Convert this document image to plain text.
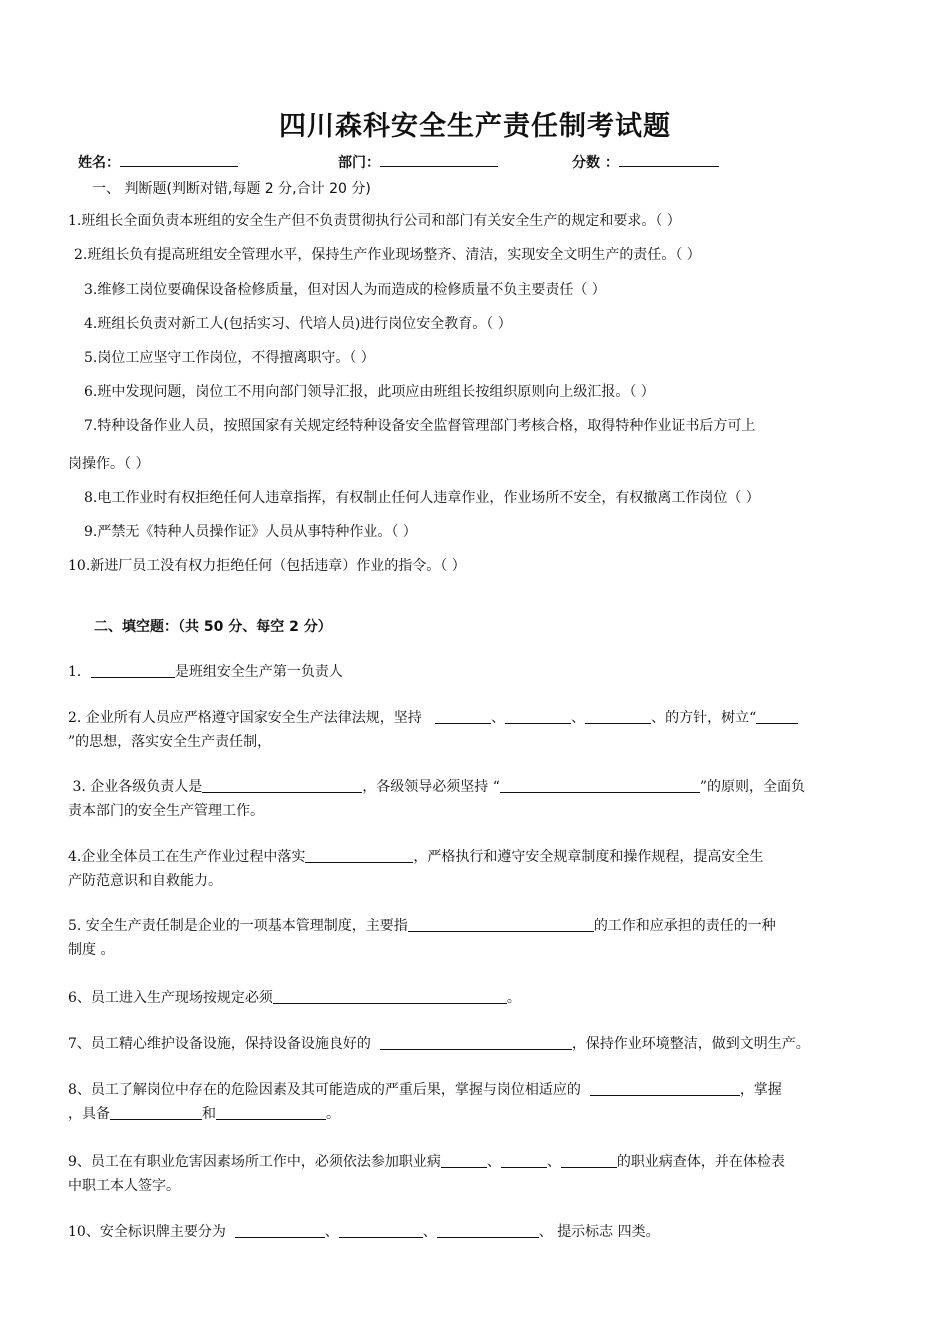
四川森科安全生产责任制考试题
姓名：	部门：	分数 ：
一、 判断题(判断对错,每题 2 分,合计 20 分)
1.班组长全面负责本班组的安全生产但不负责贯彻执行公司和部门有关安全生产的规定和要求。（ ）
2.班组长负有提高班组安全管理水平，保持生产作业现场整齐、清洁，实现安全文明生产的责任。（ ）
3.维修工岗位要确保设备检修质量，但对因人为而造成的检修质量不负主要责任（ ）
4.班组长负责对新工人(包括实习、代培人员)进行岗位安全教育。（ ）
5.岗位工应坚守工作岗位，不得擅离职守。（ ）
6.班中发现问题，岗位工不用向部门领导汇报，此项应由班组长按组织原则向上级汇报。（ ）
7.特种设备作业人员，按照国家有关规定经特种设备安全监督管理部门考核合格，取得特种作业证书后方可上
岗操作。（ ）
8.电工作业时有权拒绝任何人违章指挥，有权制止任何人违章作业，作业场所不安全，有权撤离工作岗位（ ）
9.严禁无《特种人员操作证》人员从事特种作业。（ ）
10.新进厂员工没有权力拒绝任何（包括违章）作业的指令。（ ）
二、填空题：（共 50 分、每空 2 分）
1．	是班组安全生产第一负责人
2. 企业所有人员应严格遵守国家安全生产法律法规，坚持	、	、	、的方针，树立“
”的思想，落实安全生产责任制，
3. 企业各级负责人是	，各级领导必须坚持 “	”的原则，全面负
责本部门的安全生产管理工作。
4.企业全体员工在生产作业过程中落实	，严格执行和遵守安全规章制度和操作规程，提高安全生
产防范意识和自救能力。
5. 安全生产责任制是企业的一项基本管理制度，主要指	的工作和应承担的责任的一种
制度 。
6、员工进入生产现场按规定必须	。
7、员工精心维护设备设施，保持设备设施良好的	，保持作业环境整洁，做到文明生产。
8、员工了解岗位中存在的危险因素及其可能造成的严重后果，掌握与岗位相适应的	，掌握
，具备	和	。
9、员工在有职业危害因素场所工作中，必须依法参加职业病	、	、	的职业病查体，并在体检表
中职工本人签字。
10、安全标识牌主要分为	、	、	、 提示标志 四类。
